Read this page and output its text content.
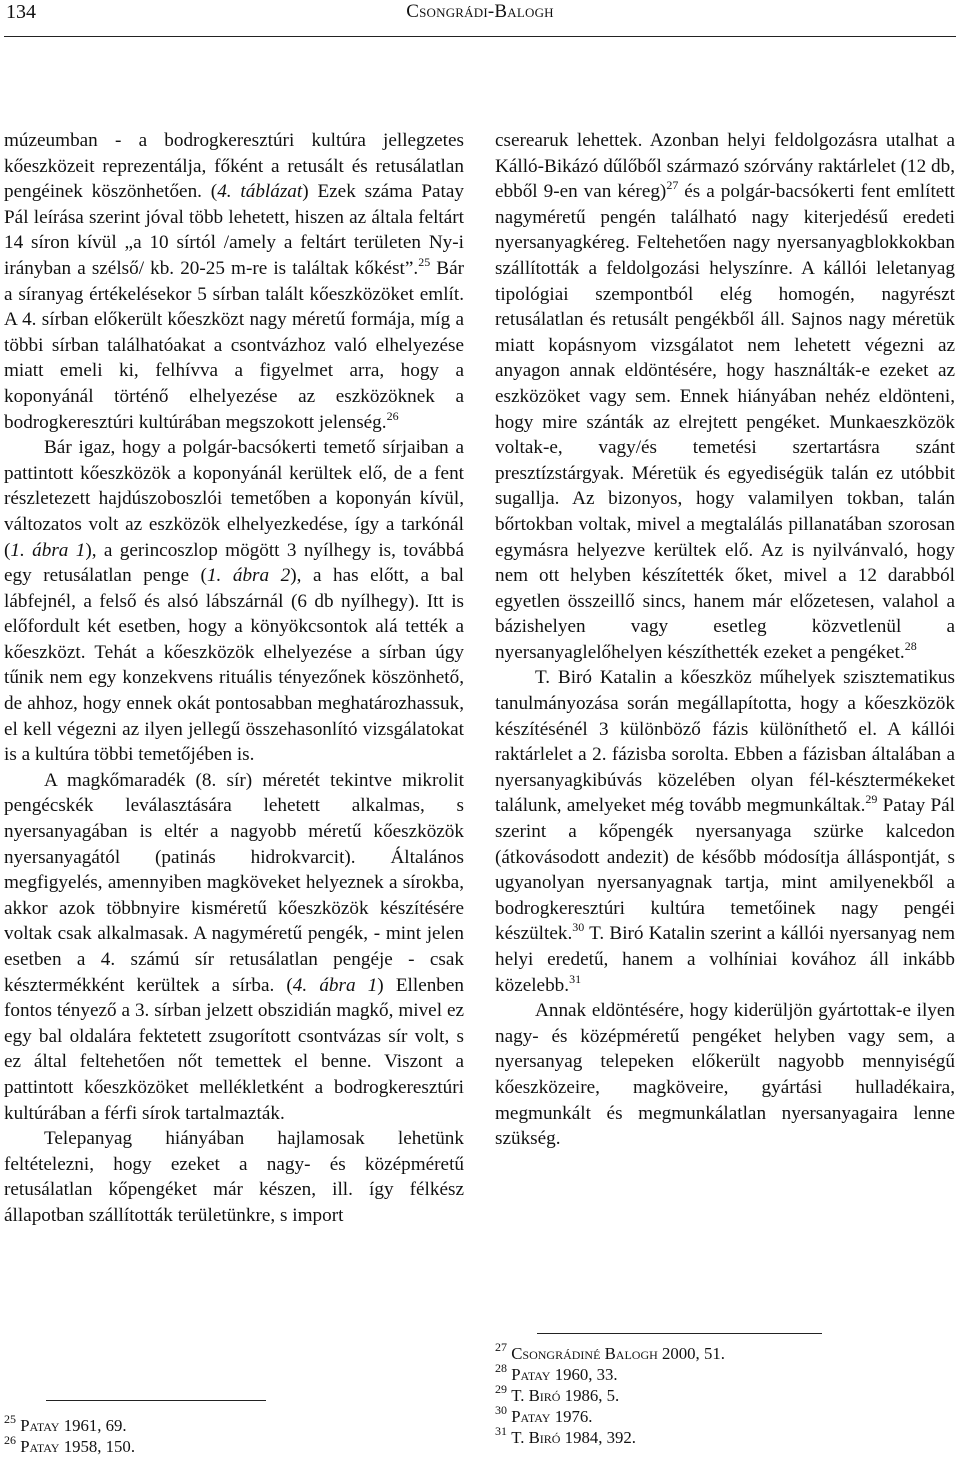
134	Csongrádi-Balogh

múzeumban - a bodrogkeresztúri kultúra jellegzetes kőeszközeit reprezentálja, főként a retusált és retusálatlan pengéinek köszönhetően. (4. táblázat) Ezek száma Patay Pál leírása szerint jóval több lehetett, hiszen az általa feltárt 14 síron kívül „a 10 sírtól /amely a feltárt területen Ny-i irányban a szélső/ kb. 20-25 m-re is találtak kőkést”.$^{25}$ Bár a síranyag értékelésekor 5 sírban talált kőeszközöket említ. A 4. sírban előkerült kőeszközt nagy méretű formája, míg a többi sírban találhatóakat a csontvázhoz való elhelyezése miatt emeli ki, felhívva a figyelmet arra, hogy a koponyánál történő elhelyezése az eszközöknek a bodrogkeresztúri kultúrában megszokott jelenség.$^{26}$

Bár igaz, hogy a polgár-bacsókerti temető sírjaiban a pattintott kőeszközök a koponyánál kerültek elő, de a fent részletezett hajdúszoboszlói temetőben a koponyán kívül, változatos volt az eszközök elhelyezkedése, így a tarkónál (1. ábra 1), a gerincoszlop mögött 3 nyílhegy is, továbbá egy retusálatlan penge (1. ábra 2), a has előtt, a bal lábfejnél, a felső és alsó lábszárnál (6 db nyílhegy). Itt is előfordult két esetben, hogy a könyökcsontok alá tették a kőeszközt. Tehát a kőeszközök elhelyezése a sírban úgy tűnik nem egy konzekvens rituális tényezőnek köszönhető, de ahhoz, hogy ennek okát pontosabban meghatározhassuk, el kell végezni az ilyen jellegű összehasonlító vizsgálatokat is a kultúra többi temetőjében is.

A magkőmaradék (8. sír) méretét tekintve mikrolit pengécskék leválasztására lehetett alkalmas, s nyersanyagában is eltér a nagyobb méretű kőeszközök nyersanyagától (patinás hidrokvarcit). Általános megfigyelés, amennyiben magköveket helyeznek a sírokba, akkor azok többnyire kisméretű kőeszközök készítésére voltak csak alkalmasak. A nagyméretű pengék, - mint jelen esetben a 4. számú sír retusálatlan pengéje - csak késztermékként kerültek a sírba. (4. ábra 1) Ellenben fontos tényező a 3. sírban jelzett obszidián magkő, mivel ez egy bal oldalára fektetett zsugorított csontvázas sír volt, s ez által feltehetően nőt temettek el benne. Viszont a pattintott kőeszközöket mellékletként a bodrogkeresztúri kultúrában a férfi sírok tartalmazták.

Telepanyag hiányában hajlamosak lehetünk feltételezni, hogy ezeket a nagy- és középméretű retusálatlan kőpengéket már készen, ill. így félkész állapotban szállították területünkre, s import

cserearuk lehettek. Azonban helyi feldolgozásra utalhat a Kálló-Bikázó dűlőből származó szórvány raktárlelet (12 db, ebből 9-en van kéreg)$^{27}$ és a polgár-bacsókerti fent említett nagyméretű pengén található nagy kiterjedésű eredeti nyersanyagkéreg. Feltehetően nagy nyersanyagblokkokban szállították a feldolgozási helyszínre. A kállói leletanyag tipológiai szempontból elég homogén, nagyrészt retusálatlan és retusált pengékből áll. Sajnos nagy méretük miatt kopásnyom vizsgálatot nem lehetett végezni az anyagon annak eldöntésére, hogy használták-e ezeket az eszközöket vagy sem. Ennek hiányában nehéz eldönteni, hogy mire szánták az elrejtett pengéket. Munkaeszközök voltak-e, vagy/és temetési szertartásra szánt presztízstárgyak. Méretük és egyediségük talán ez utóbbit sugallja. Az bizonyos, hogy valamilyen tokban, talán bőrtokban voltak, mivel a megtalálás pillanatában szorosan egymásra helyezve kerültek elő. Az is nyilvánvaló, hogy nem ott helyben készítették őket, mivel a 12 darabból egyetlen összeillő sincs, hanem már előzetesen, valahol a bázishelyen vagy esetleg közvetlenül a nyersanyaglelőhelyen készíthették ezeket a pengéket.$^{28}$

T. Biró Katalin a kőeszköz műhelyek szisztematikus tanulmányozása során megállapította, hogy a kőeszközök készítésénél 3 különböző fázis különíthető el. A kállói raktárlelet a 2. fázisba sorolta. Ebben a fázisban általában a nyersanyagkibúvás közelében olyan fél-késztermékeket találunk, amelyeket még tovább megmunkáltak.$^{29}$ Patay Pál szerint a kőpengék nyersanyaga szürke kalcedon (átkovásodott andezit) de később módosítja álláspontját, s ugyanolyan nyersanyagnak tartja, mint amilyenekből a bodrogkeresztúri kultúra temetőinek nagy pengéi készültek.$^{30}$ T. Biró Katalin szerint a kállói nyersanyag nem helyi eredetű, hanem a volhíniai kovához áll inkább közelebb.$^{31}$

Annak eldöntésére, hogy kiderüljön gyártottak-e ilyen nagy- és középméretű pengéket helyben vagy sem, a nyersanyag telepeken előkerült nagyobb mennyiségű kőeszközeire, magköveire, gyártási hulladékaira, megmunkált és megmunkálatlan nyersanyagaira lenne szükség.

$^{25}$ Patay 1961, 69.
$^{26}$ Patay 1958, 150.
$^{27}$ Csongrádiné Balogh 2000, 51.
$^{28}$ Patay 1960, 33.
$^{29}$ T. Biró 1986, 5.
$^{30}$ Patay 1976.
$^{31}$ T. Biró 1984, 392.
